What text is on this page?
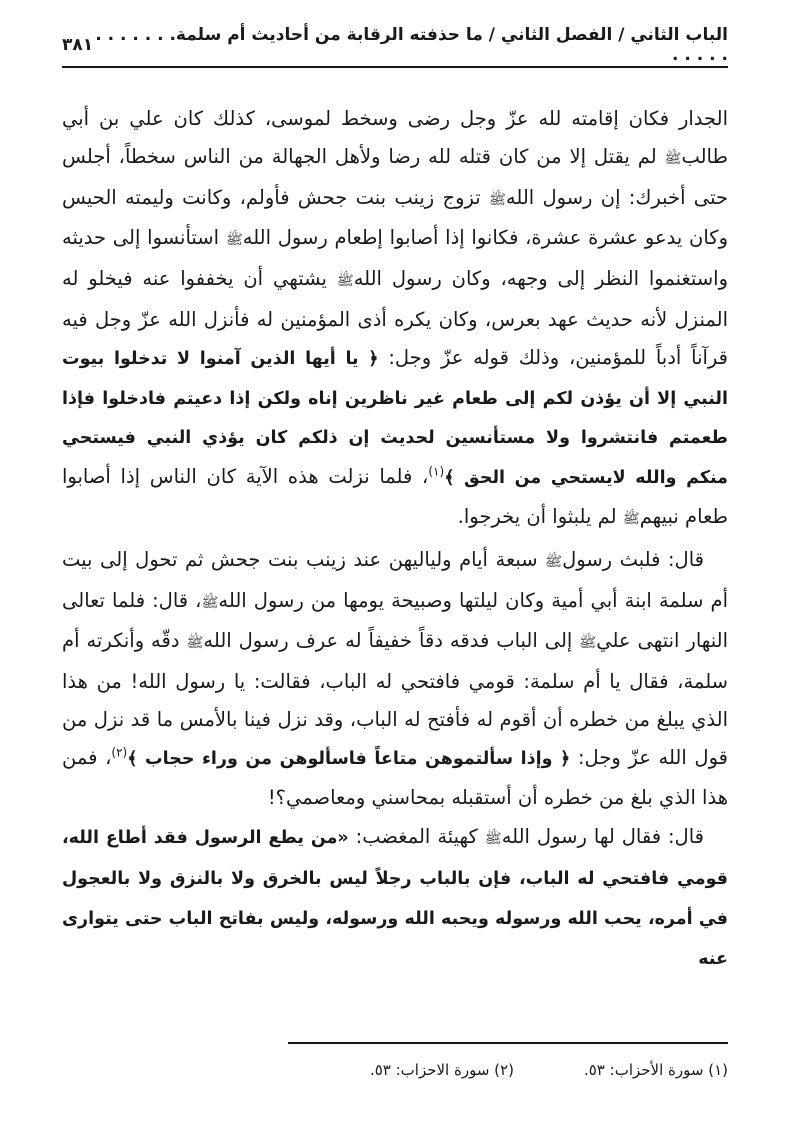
الباب الثاني / الفصل الثاني / ما حذفته الرقابة من أحاديث أم سلمة. . . . . . . . . . . .
٣٨١

الجدار فكان إقامته لله عزّ وجل رضى وسخط لموسى، كذلك كان علي بن أبي طالبﷺ لم يقتل إلا من كان قتله لله رضا ولأهل الجهالة من الناس سخطاً، أجلس حتى أخبرك: إن رسول اللهﷺ تزوج زينب بنت جحش فأولم، وكانت وليمته الحيس وكان يدعو عشرة عشرة، فكانوا إذا أصابوا إطعام رسول اللهﷺ استأنسوا إلى حديثه واستغنموا النظر إلى وجهه، وكان رسول اللهﷺ يشتهي أن يخففوا عنه فيخلو له المنزل لأنه حديث عهد بعرس، وكان يكره أذى المؤمنين له فأنزل الله عزّ وجل فيه قرآناً أدباً للمؤمنين، وذلك قوله عزّ وجل: ﴿ يا أيها الذين آمنوا لا تدخلوا بيوت النبي إلا أن يؤذن لكم إلى طعام غير ناظرين إناه ولكن إذا دعيتم فادخلوا فإذا طعمتم فانتشروا ولا مستأنسين لحديث إن ذلكم كان يؤذي النبي فيستحي منكم والله لايستحي من الحق ﴾$^{(١)}$، فلما نزلت هذه الآية كان الناس إذا أصابوا طعام نبيهمﷺ لم يلبثوا أن يخرجوا.

قال: فلبث رسولﷺ سبعة أيام ولياليهن عند زينب بنت جحش ثم تحول إلى بيت أم سلمة ابنة أبي أمية وكان ليلتها وصبيحة يومها من رسول اللهﷺ، قال: فلما تعالى النهار انتهى عليﷺ إلى الباب فدقه دقاً خفيفاً له عرف رسول اللهﷺ دقّه وأنكرته أم سلمة، فقال يا أم سلمة: قومي فافتحي له الباب، فقالت: يا رسول الله! من هذا الذي يبلغ من خطره أن أقوم له فأفتح له الباب، وقد نزل فينا بالأمس ما قد نزل من قول الله عزّ وجل: ﴿ وإذا سألتموهن متاعاً فاسألوهن من وراء حجاب ﴾$^{(٢)}$، فمن هذا الذي بلغ من خطره أن أستقبله بمحاسني ومعاصمي؟!

قال: فقال لها رسول اللهﷺ كهيئة المغضب: «من يطع الرسول فقد أطاع الله، قومي فافتحي له الباب، فإن بالباب رجلاً ليس بالخرق ولا بالنزق ولا بالعجول في أمره، يحب الله ورسوله ويحبه الله ورسوله، وليس بفاتح الباب حتى يتوارى عنه

(١) سورة الأحزاب: ٥٣.
(٢) سورة الاحزاب: ٥٣.
